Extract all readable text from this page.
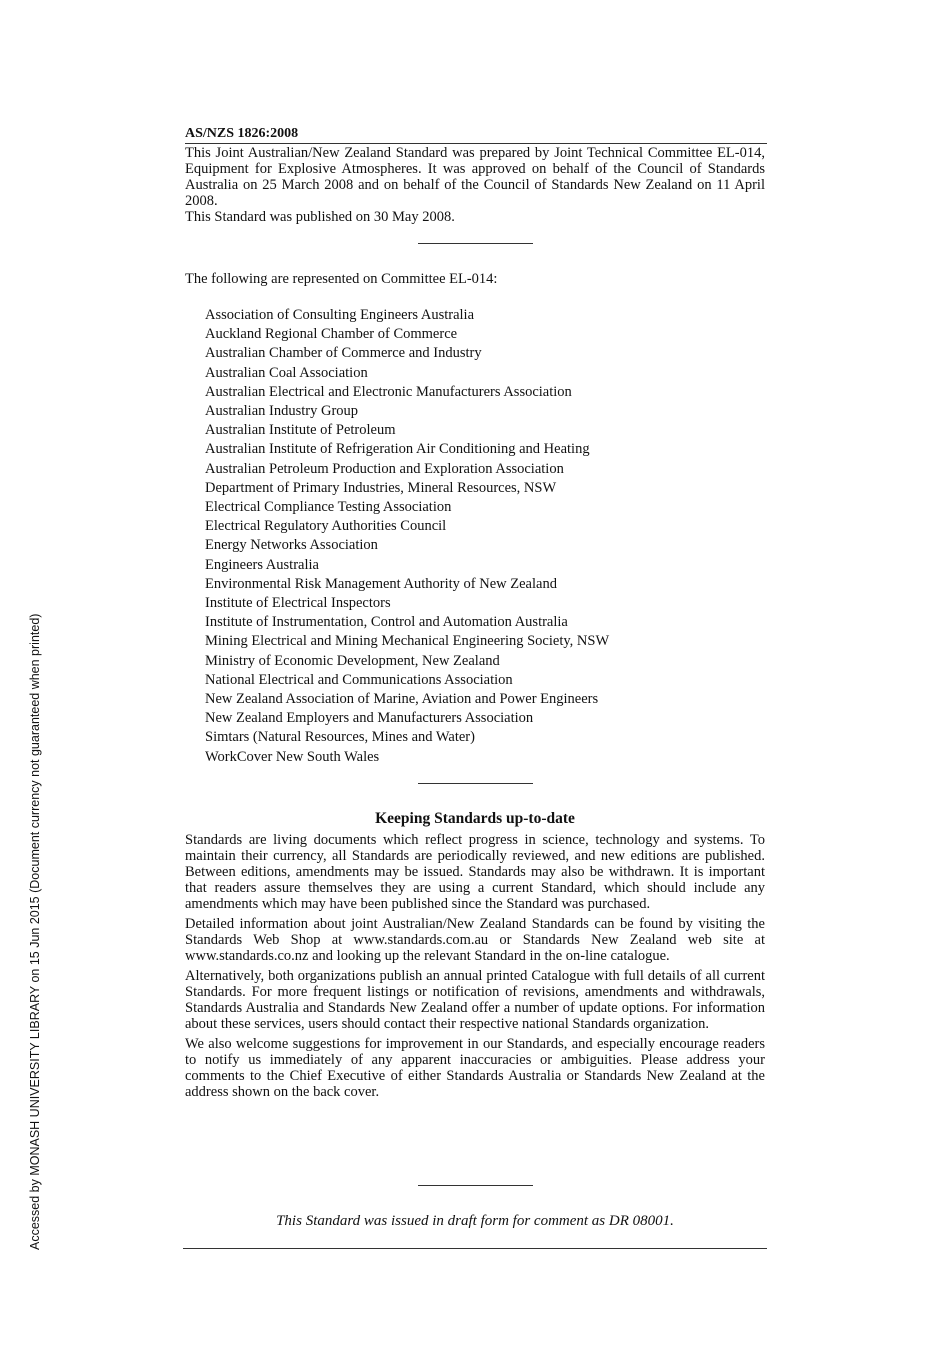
Accessed by MONASH UNIVERSITY LIBRARY on 15 Jun 2015 (Document currency not guaranteed when printed)
AS/NZS 1826:2008

This Joint Australian/New Zealand Standard was prepared by Joint Technical Committee EL-014, Equipment for Explosive Atmospheres. It was approved on behalf of the Council of Standards Australia on 25 March 2008 and on behalf of the Council of Standards New Zealand on 11 April 2008.

This Standard was published on 30 May 2008.

The following are represented on Committee EL-014:
Association of Consulting Engineers Australia
Auckland Regional Chamber of Commerce
Australian Chamber of Commerce and Industry
Australian Coal Association
Australian Electrical and Electronic Manufacturers Association
Australian Industry Group
Australian Institute of Petroleum
Australian Institute of Refrigeration Air Conditioning and Heating
Australian Petroleum Production and Exploration Association
Department of Primary Industries, Mineral Resources, NSW
Electrical Compliance Testing Association
Electrical Regulatory Authorities Council
Energy Networks Association
Engineers Australia
Environmental Risk Management Authority of New Zealand
Institute of Electrical Inspectors
Institute of Instrumentation, Control and Automation Australia
Mining Electrical and Mining Mechanical Engineering Society, NSW
Ministry of Economic Development, New Zealand
National Electrical and Communications Association
New Zealand Association of Marine, Aviation and Power Engineers
New Zealand Employers and Manufacturers Association
Simtars (Natural Resources, Mines and Water)
WorkCover New South Wales
Keeping Standards up-to-date

Standards are living documents which reflect progress in science, technology and systems. To maintain their currency, all Standards are periodically reviewed, and new editions are published. Between editions, amendments may be issued. Standards may also be withdrawn. It is important that readers assure themselves they are using a current Standard, which should include any amendments which may have been published since the Standard was purchased.

Detailed information about joint Australian/New Zealand Standards can be found by visiting the Standards Web Shop at www.standards.com.au or Standards New Zealand web site at www.standards.co.nz and looking up the relevant Standard in the on-line catalogue.

Alternatively, both organizations publish an annual printed Catalogue with full details of all current Standards. For more frequent listings or notification of revisions, amendments and withdrawals, Standards Australia and Standards New Zealand offer a number of update options. For information about these services, users should contact their respective national Standards organization.

We also welcome suggestions for improvement in our Standards, and especially encourage readers to notify us immediately of any apparent inaccuracies or ambiguities. Please address your comments to the Chief Executive of either Standards Australia or Standards New Zealand at the address shown on the back cover.

This Standard was issued in draft form for comment as DR 08001.
